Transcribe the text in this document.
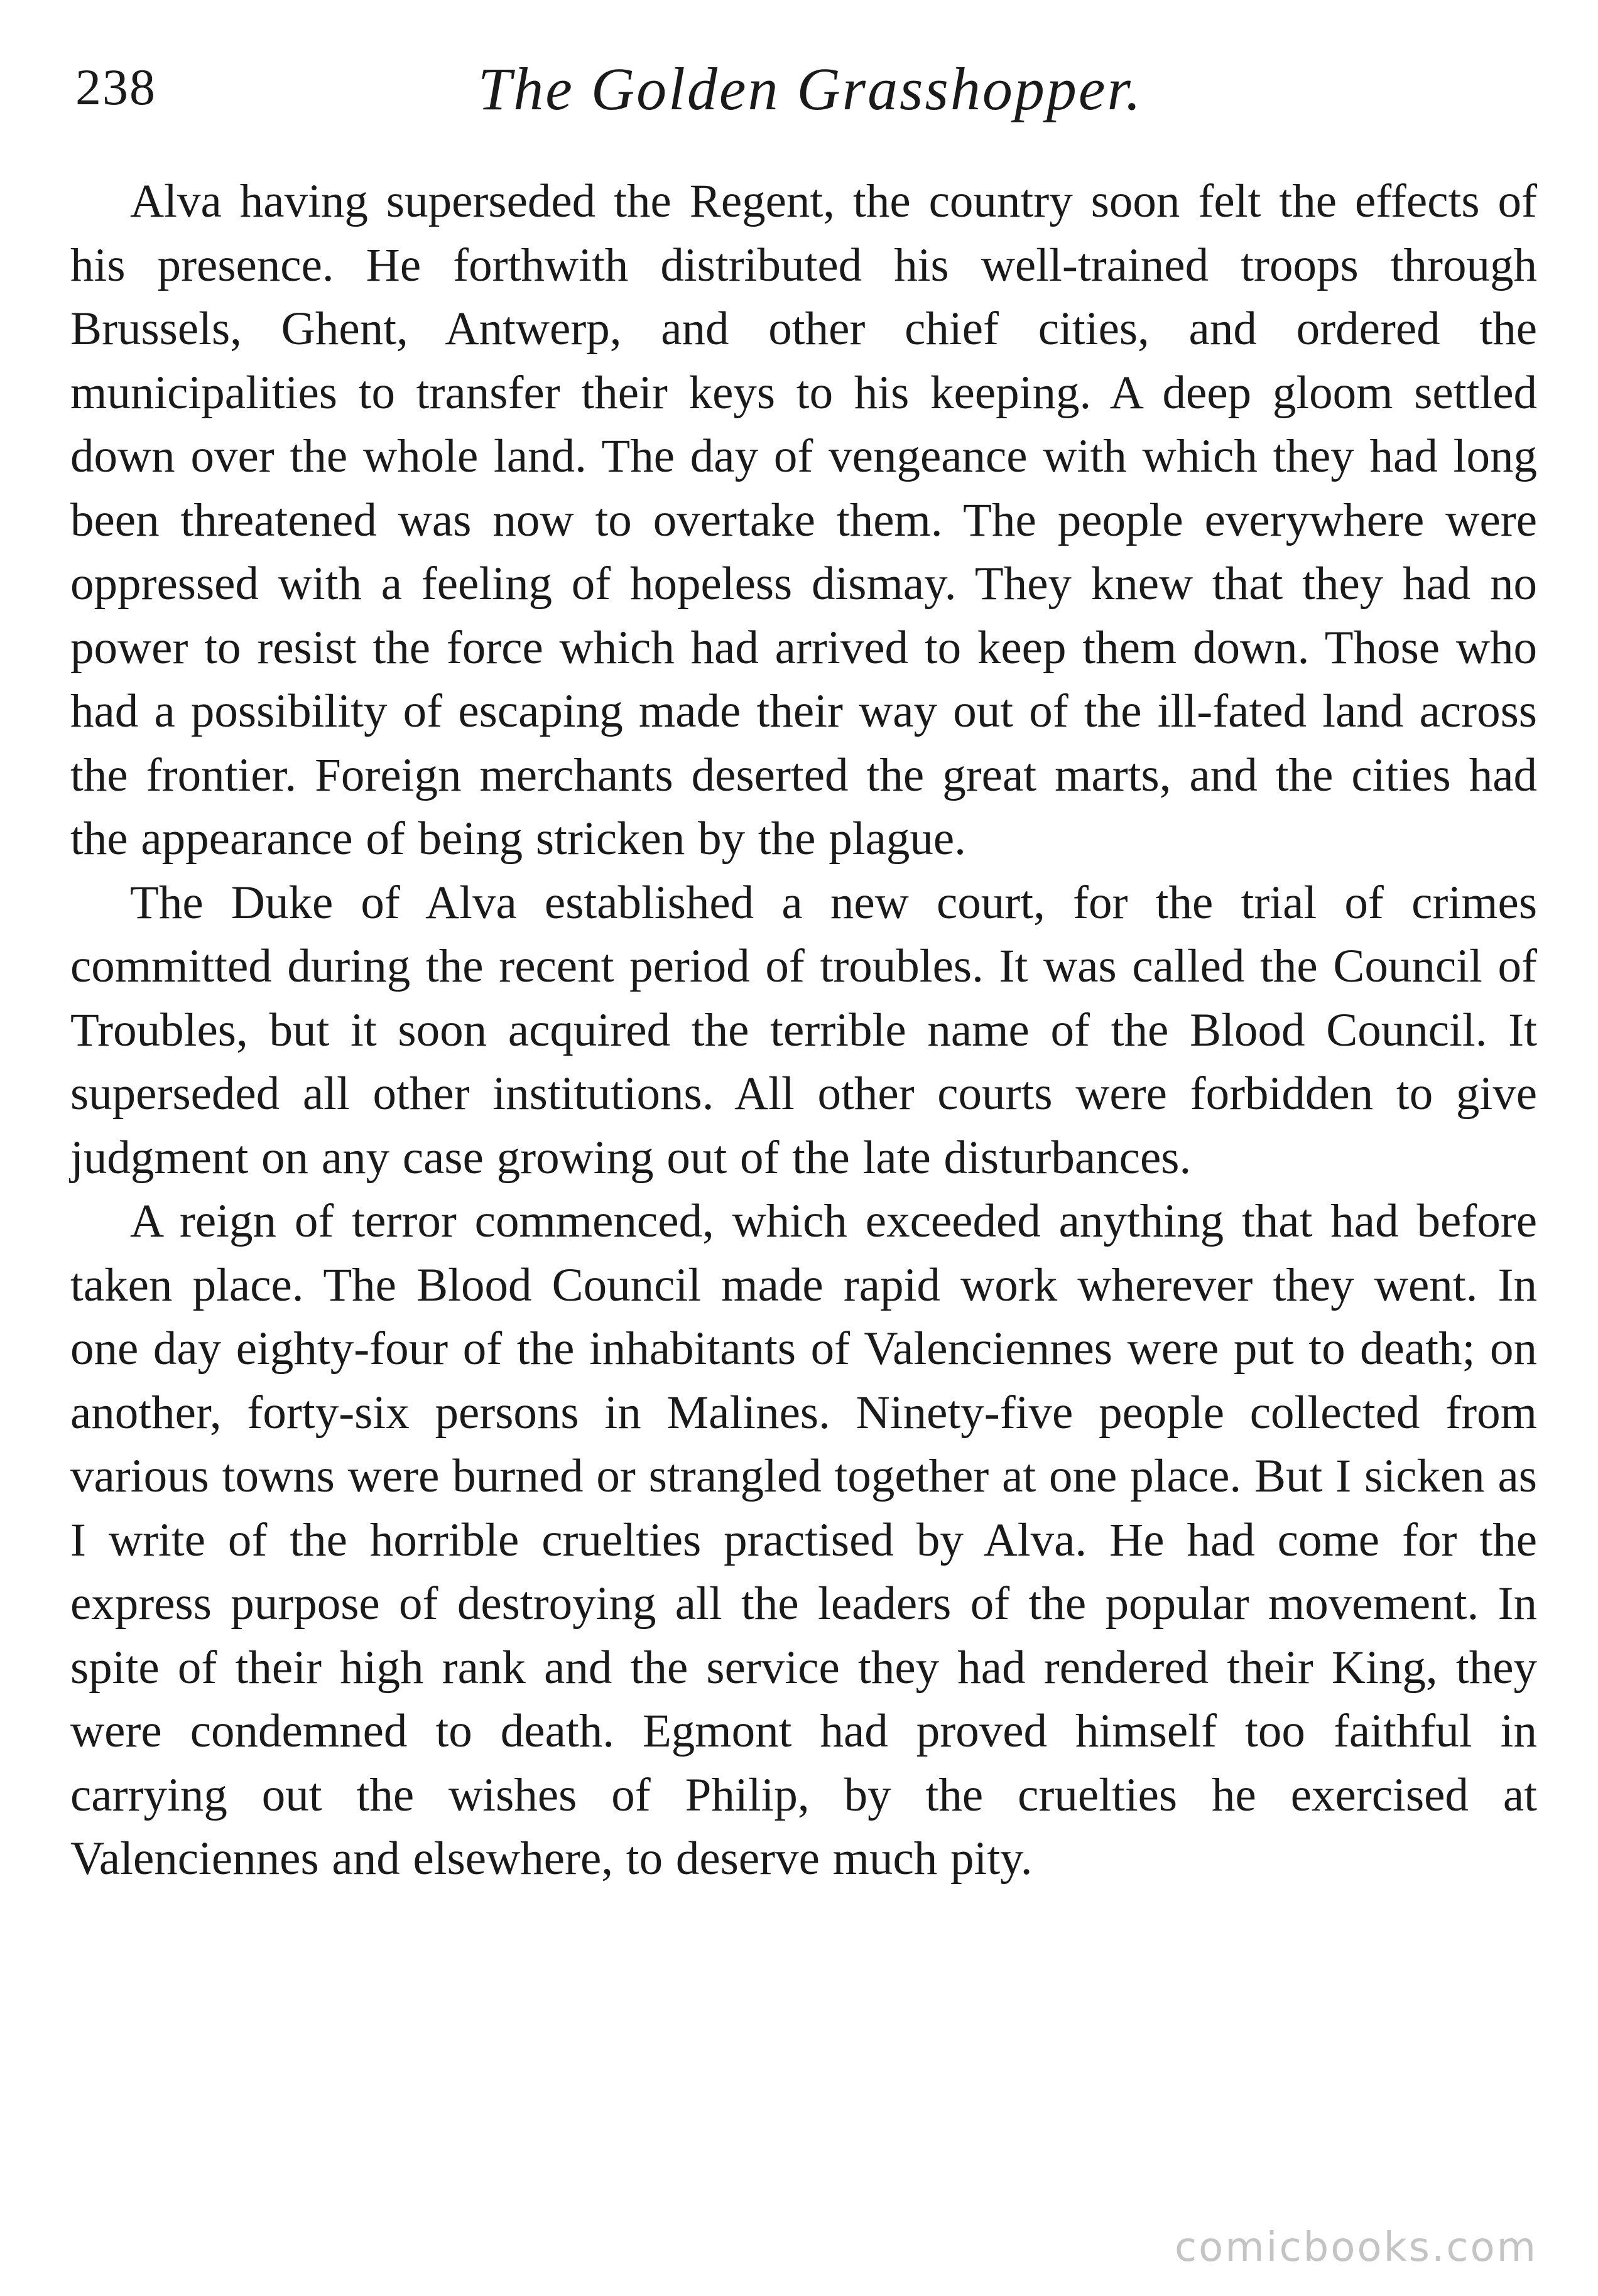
238	The Golden Grasshopper.

Alva having superseded the Regent, the country soon felt the effects of his presence. He forthwith distributed his well-trained troops through Brussels, Ghent, Antwerp, and other chief cities, and ordered the municipalities to transfer their keys to his keeping. A deep gloom settled down over the whole land. The day of vengeance with which they had long been threatened was now to overtake them. The people everywhere were oppressed with a feeling of hopeless dismay. They knew that they had no power to resist the force which had arrived to keep them down. Those who had a possibility of escaping made their way out of the ill-fated land across the frontier. Foreign merchants deserted the great marts, and the cities had the appearance of being stricken by the plague.

The Duke of Alva established a new court, for the trial of crimes committed during the recent period of troubles. It was called the Council of Troubles, but it soon acquired the terrible name of the Blood Council. It superseded all other institutions. All other courts were forbidden to give judgment on any case growing out of the late disturbances.

A reign of terror commenced, which exceeded anything that had before taken place. The Blood Council made rapid work wherever they went. In one day eighty-four of the inhabitants of Valenciennes were put to death; on another, forty-six persons in Malines. Ninety-five people collected from various towns were burned or strangled together at one place. But I sicken as I write of the horrible cruelties practised by Alva. He had come for the express purpose of destroying all the leaders of the popular movement. In spite of their high rank and the service they had rendered their King, they were condemned to death. Egmont had proved himself too faithful in carrying out the wishes of Philip, by the cruelties he exercised at Valenciennes and elsewhere, to deserve much pity.

comicbooks.com
